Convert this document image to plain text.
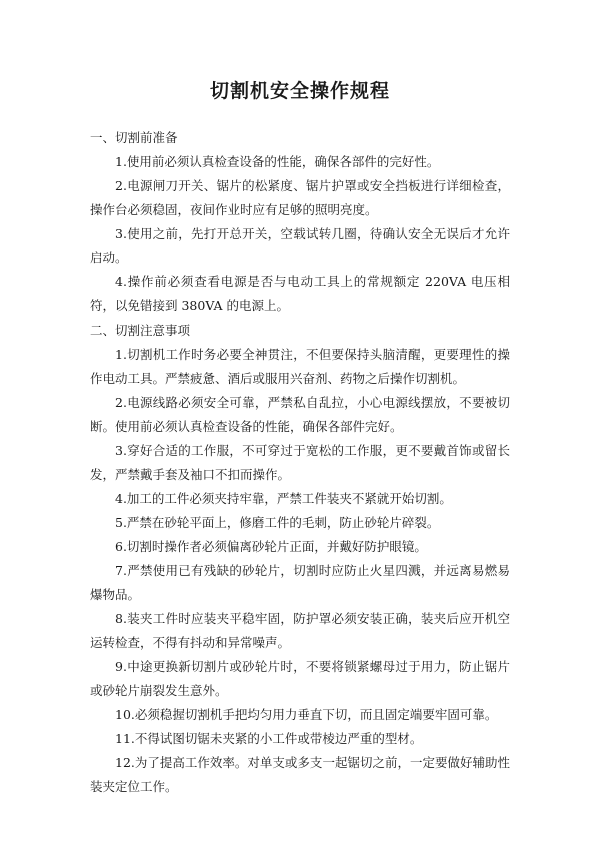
切割机安全操作规程

一、切割前准备

1.使用前必须认真检查设备的性能，确保各部件的完好性。

2.电源闸刀开关、锯片的松紧度、锯片护罩或安全挡板进行详细检查，操作台必须稳固，夜间作业时应有足够的照明亮度。

3.使用之前，先打开总开关，空载试转几圈，待确认安全无误后才允许启动。

4.操作前必须查看电源是否与电动工具上的常规额定 220VA 电压相符，以免错接到 380VA 的电源上。

二、切割注意事项

1.切割机工作时务必要全神贯注，不但要保持头脑清醒，更要理性的操作电动工具。严禁疲惫、酒后或服用兴奋剂、药物之后操作切割机。

2.电源线路必须安全可靠，严禁私自乱拉，小心电源线摆放，不要被切断。使用前必须认真检查设备的性能，确保各部件完好。

3.穿好合适的工作服，不可穿过于宽松的工作服，更不要戴首饰或留长发，严禁戴手套及袖口不扣而操作。

4.加工的工件必须夹持牢靠，严禁工件装夹不紧就开始切割。

5.严禁在砂轮平面上，修磨工件的毛刺，防止砂轮片碎裂。

6.切割时操作者必须偏离砂轮片正面，并戴好防护眼镜。

7.严禁使用已有残缺的砂轮片，切割时应防止火星四溅，并远离易燃易爆物品。

8.装夹工件时应装夹平稳牢固，防护罩必须安装正确，装夹后应开机空运转检查，不得有抖动和异常噪声。

9.中途更换新切割片或砂轮片时，不要将锁紧螺母过于用力，防止锯片或砂轮片崩裂发生意外。

10.必须稳握切割机手把均匀用力垂直下切，而且固定端要牢固可靠。

11.不得试图切锯未夹紧的小工件或带棱边严重的型材。

12.为了提高工作效率。对单支或多支一起锯切之前，一定要做好辅助性装夹定位工作。
